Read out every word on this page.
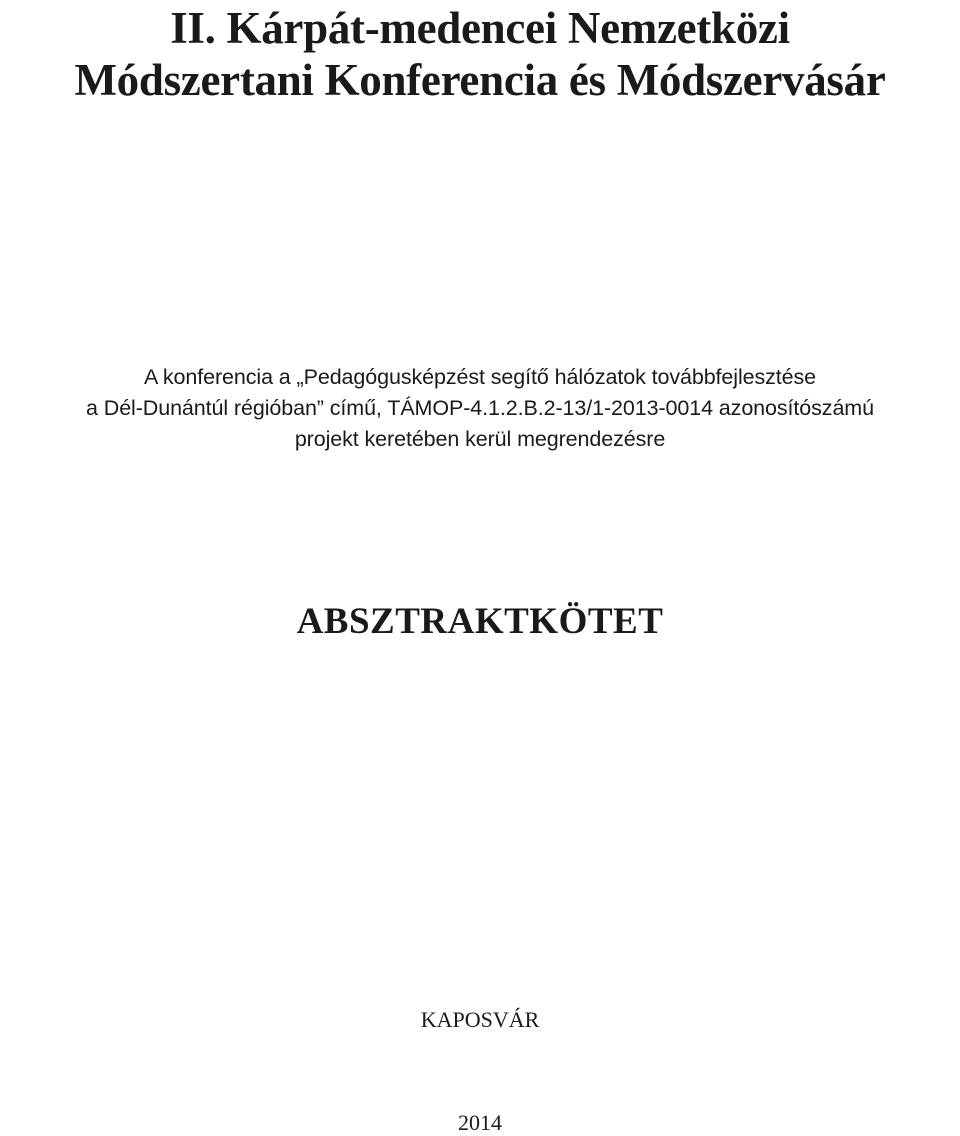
II. Kárpát-medencei Nemzetközi
Módszertani Konferencia és Módszervásár
A konferencia a „Pedagógusképzést segítő hálózatok továbbfejlesztése
a Dél-Dunántúl régióban” című, TÁMOP-4.1.2.B.2-13/1-2013-0014 azonosítószámú
projekt keretében kerül megrendezésre
ABSZTRAKTKÖTET
KAPOSVÁR
2014
